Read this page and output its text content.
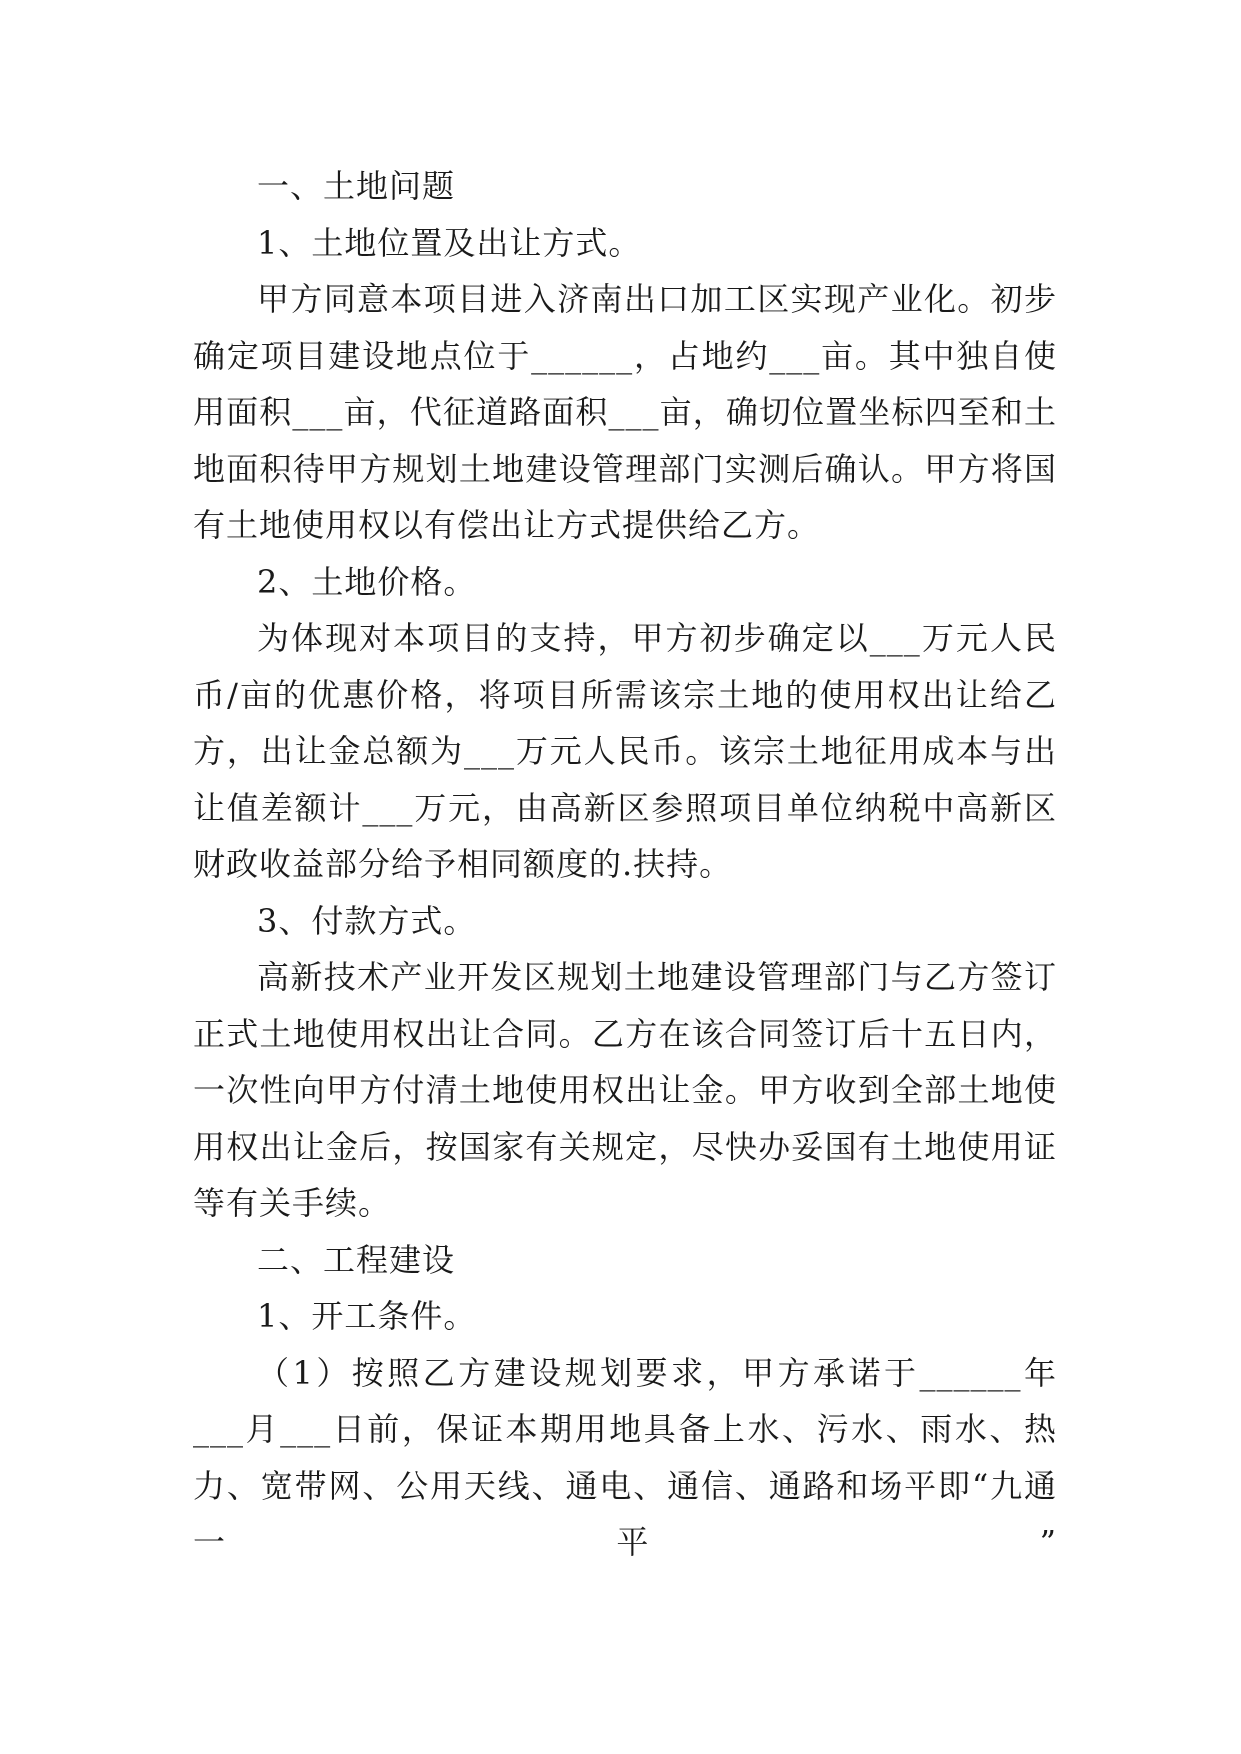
一、土地问题

1、土地位置及出让方式。

甲方同意本项目进入济南出口加工区实现产业化。初步确定项目建设地点位于______，占地约___亩。其中独自使用面积___亩，代征道路面积___亩，确切位置坐标四至和土地面积待甲方规划土地建设管理部门实测后确认。甲方将国有土地使用权以有偿出让方式提供给乙方。

2、土地价格。

为体现对本项目的支持，甲方初步确定以___万元人民币/亩的优惠价格，将项目所需该宗土地的使用权出让给乙方，出让金总额为___万元人民币。该宗土地征用成本与出让值差额计___万元，由高新区参照项目单位纳税中高新区财政收益部分给予相同额度的.扶持。

3、付款方式。

高新技术产业开发区规划土地建设管理部门与乙方签订正式土地使用权出让合同。乙方在该合同签订后十五日内，一次性向甲方付清土地使用权出让金。甲方收到全部土地使用权出让金后，按国家有关规定，尽快办妥国有土地使用证等有关手续。

二、工程建设

1、开工条件。

（1）按照乙方建设规划要求，甲方承诺于______年___月___日前，保证本期用地具备上水、污水、雨水、热力、宽带网、公用天线、通电、通信、通路和场平即“九通一平”
